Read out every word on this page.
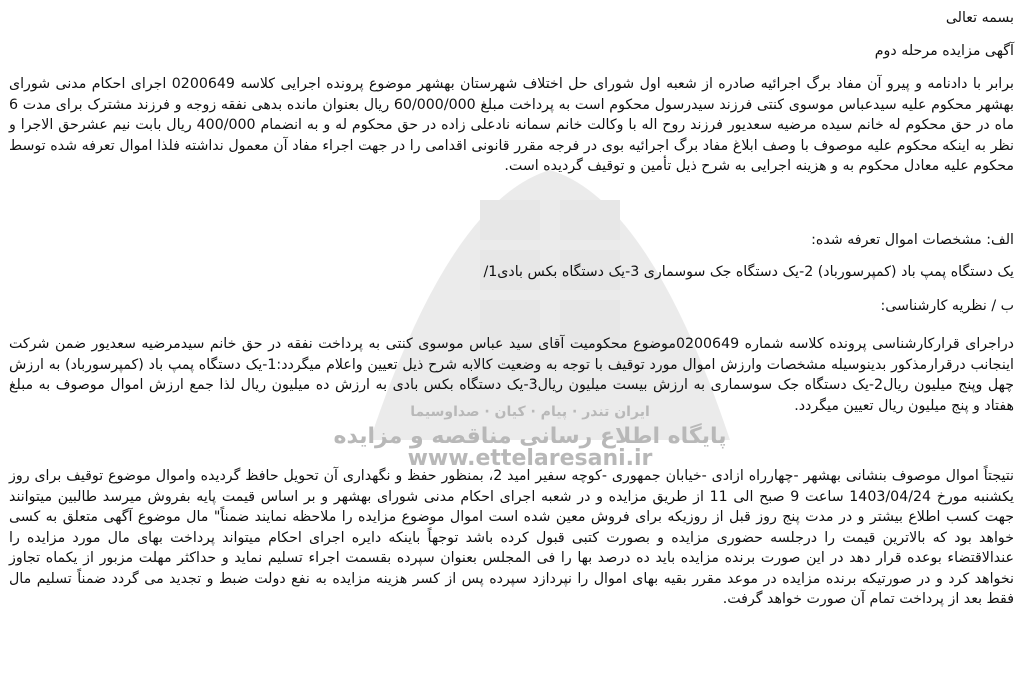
ایران تندر · پیام · کیان · صداوسیما
پایگاه اطلاع رسانی مناقصه و مزایده
www.ettelaresani.ir
بسمه تعالی
آگهی مزایده مرحله دوم
برابر با دادنامه و پیرو آن مفاد برگ اجرائیه صادره از شعبه اول شورای حل اختلاف شهرستان بهشهر موضوع پرونده اجرایی کلاسه 0200649 اجرای احکام مدنی شورای بهشهر محکوم علیه سیدعباس موسوی کنتی فرزند سیدرسول محکوم است به پرداخت مبلغ 60/000/000 ریال بعنوان مانده بدهی نفقه زوجه و فرزند مشترک برای مدت 6 ماه در حق محکوم له خانم سیده مرضیه سعدیور فرزند روح اله با وکالت خانم سمانه نادعلی زاده در حق محکوم له و به انضمام 400/000 ریال بابت نیم عشرحق الاجرا و نظر به اینکه محکوم علیه موصوف با وصف ابلاغ مفاد برگ اجرائیه بوی در فرجه مقرر قانونی اقدامی را در جهت اجراء مفاد آن معمول نداشته فلذا اموال تعرفه شده توسط محکوم علیه معادل محکوم به و هزینه اجرایی به شرح ذیل تأمین و توقیف گردیده است.
الف: مشخصات اموال تعرفه شده:
یک دستگاه پمپ باد (کمپرسورباد) 2-یک دستگاه جک سوسماری 3-یک دستگاه بکس بادی1/
ب / نظریه کارشناسی:
دراجرای قرارکارشناسی پرونده کلاسه شماره 0200649موضوع محکومیت آقای سید عباس موسوی کنتی به پرداخت نفقه در حق خانم سیدمرضیه سعدیور ضمن شرکت اینجانب درقرارمذکور بدینوسیله مشخصات وارزش اموال مورد توقیف با توجه به وضعیت کالابه شرح ذیل تعیین واعلام میگردد:1-یک دستگاه پمپ باد (کمپرسورباد) به ارزش چهل وپنج میلیون ریال2-یک دستگاه جک سوسماری به ارزش بیست میلیون ریال3-یک دستگاه بکس بادی به ارزش ده میلیون ریال لذا جمع ارزش اموال موصوف به مبلغ هفتاد و پنج میلیون ریال تعیین میگردد.
نتیجتاً اموال موصوف بنشانی بهشهر -چهارراه ازادی -خیابان جمهوری -کوچه سفیر امید 2، بمنظور حفظ و نگهداری آن تحویل حافظ گردیده واموال موضوع توقیف برای روز یکشنبه مورخ 1403/04/24 ساعت 9 صبح الی 11 از طریق مزایده و در شعبه اجرای احکام مدنی شورای بهشهر و بر اساس قیمت پایه بفروش میرسد طالبین میتوانند جهت کسب اطلاع بیشتر و در مدت پنج روز قبل از روزیکه برای فروش معین شده است اموال موضوع مزایده را ملاحظه نمایند ضمناً" مال موضوع آگهی متعلق به کسی خواهد بود که بالاترین قیمت را درجلسه حضوری مزایده و بصورت کتبی قبول کرده باشد توجهاً باینکه دایره اجرای احکام میتواند پرداخت بهای مال مورد مزایده را عندالاقتضاء بوعده قرار دهد در این صورت برنده مزایده باید ده درصد بها را فی المجلس بعنوان سپرده بقسمت اجراء تسلیم نماید و حداکثر مهلت مزبور از یکماه تجاوز نخواهد کرد و در صورتیکه برنده مزایده در موعد مقرر بقیه بهای اموال را نپردازد سپرده پس از کسر هزینه مزایده به نفع دولت ضبط و تجدید می گردد ضمناً تسلیم مال فقط بعد از پرداخت تمام آن صورت خواهد گرفت.
